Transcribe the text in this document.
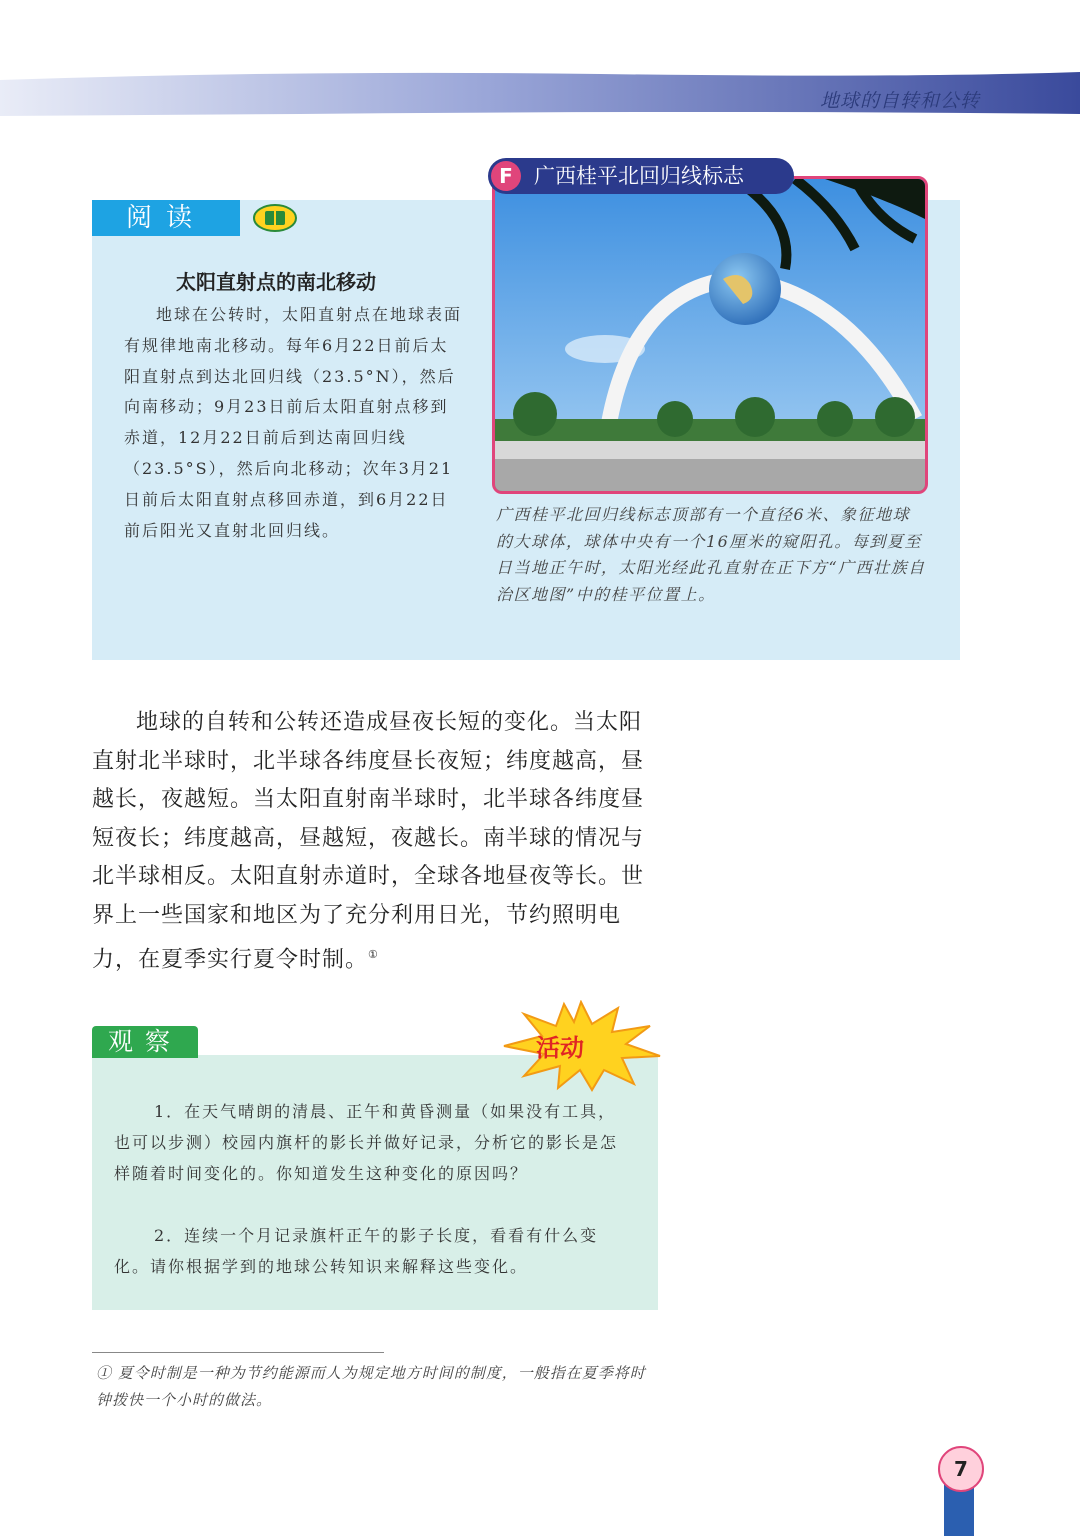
地球的自转和公转
阅读
太阳直射点的南北移动

地球在公转时，太阳直射点在地球表面有规律地南北移动。每年6月22日前后太阳直射点到达北回归线（23.5°N），然后向南移动；9月23日前后太阳直射点移到赤道，12月22日前后到达南回归线（23.5°S），然后向北移动；次年3月21日前后太阳直射点移回赤道，到6月22日前后阳光又直射北回归线。

F	广西桂平北回归线标志

广西桂平北回归线标志顶部有一个直径6米、象征地球的大球体，球体中央有一个16厘米的窥阳孔。每到夏至日当地正午时，太阳光经此孔直射在正下方“广西壮族自治区地图”中的桂平位置上。

地球的自转和公转还造成昼夜长短的变化。当太阳直射北半球时，北半球各纬度昼长夜短；纬度越高，昼越长，夜越短。当太阳直射南半球时，北半球各纬度昼短夜长；纬度越高，昼越短，夜越长。南半球的情况与北半球相反。太阳直射赤道时，全球各地昼夜等长。世界上一些国家和地区为了充分利用日光，节约照明电力，在夏季实行夏令时制。①

观察	活动

1．在天气晴朗的清晨、正午和黄昏测量（如果没有工具，也可以步测）校园内旗杆的影长并做好记录，分析它的影长是怎样随着时间变化的。你知道发生这种变化的原因吗？

2．连续一个月记录旗杆正午的影子长度，看看有什么变化。请你根据学到的地球公转知识来解释这些变化。

① 夏令时制是一种为节约能源而人为规定地方时间的制度，一般指在夏季将时钟拨快一个小时的做法。

7
